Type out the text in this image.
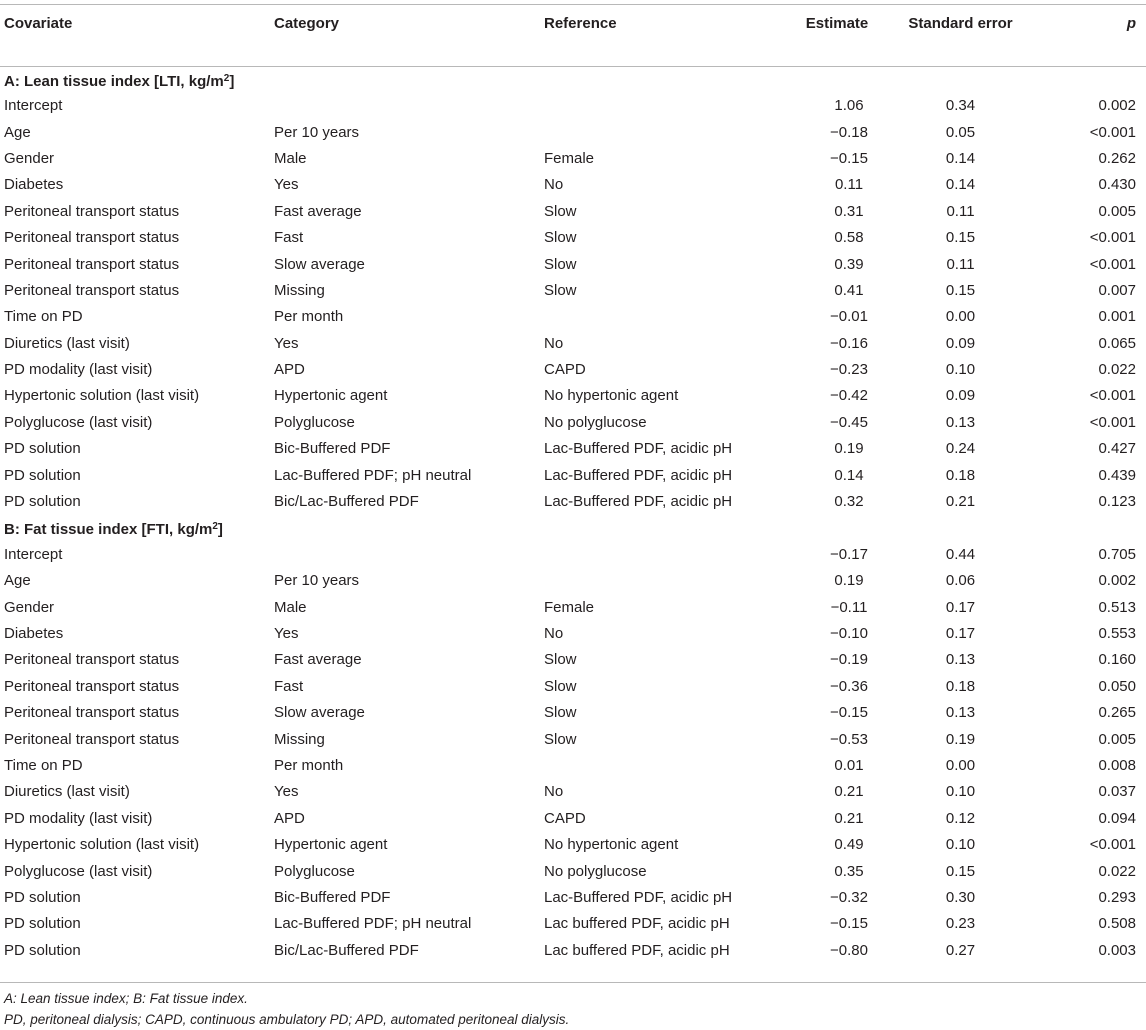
Covariate	Category	Reference	Estimate	Standard error	p
A: Lean tissue index [LTI, $kg/m^2$]					
Intercept			1.06	0.34	0.002
Age	Per 10 years		−0.18	0.05	<0.001
Gender	Male	Female	−0.15	0.14	0.262
Diabetes	Yes	No	0.11	0.14	0.430
Peritoneal transport status	Fast average	Slow	0.31	0.11	0.005
Peritoneal transport status	Fast	Slow	0.58	0.15	<0.001
Peritoneal transport status	Slow average	Slow	0.39	0.11	<0.001
Peritoneal transport status	Missing	Slow	0.41	0.15	0.007
Time on PD	Per month		−0.01	0.00	0.001
Diuretics (last visit)	Yes	No	−0.16	0.09	0.065
PD modality (last visit)	APD	CAPD	−0.23	0.10	0.022
Hypertonic solution (last visit)	Hypertonic agent	No hypertonic agent	−0.42	0.09	<0.001
Polyglucose (last visit)	Polyglucose	No polyglucose	−0.45	0.13	<0.001
PD solution	Bic-Buffered PDF	Lac-Buffered PDF, acidic pH	0.19	0.24	0.427
PD solution	Lac-Buffered PDF; pH neutral	Lac-Buffered PDF, acidic pH	0.14	0.18	0.439
PD solution	Bic/Lac-Buffered PDF	Lac-Buffered PDF, acidic pH	0.32	0.21	0.123
B: Fat tissue index [FTI, $kg/m^2$]					
Intercept			−0.17	0.44	0.705
Age	Per 10 years		0.19	0.06	0.002
Gender	Male	Female	−0.11	0.17	0.513
Diabetes	Yes	No	−0.10	0.17	0.553
Peritoneal transport status	Fast average	Slow	−0.19	0.13	0.160
Peritoneal transport status	Fast	Slow	−0.36	0.18	0.050
Peritoneal transport status	Slow average	Slow	−0.15	0.13	0.265
Peritoneal transport status	Missing	Slow	−0.53	0.19	0.005
Time on PD	Per month		0.01	0.00	0.008
Diuretics (last visit)	Yes	No	0.21	0.10	0.037
PD modality (last visit)	APD	CAPD	0.21	0.12	0.094
Hypertonic solution (last visit)	Hypertonic agent	No hypertonic agent	0.49	0.10	<0.001
Polyglucose (last visit)	Polyglucose	No polyglucose	0.35	0.15	0.022
PD solution	Bic-Buffered PDF	Lac-Buffered PDF, acidic pH	−0.32	0.30	0.293
PD solution	Lac-Buffered PDF; pH neutral	Lac buffered PDF, acidic pH	−0.15	0.23	0.508
PD solution	Bic/Lac-Buffered PDF	Lac buffered PDF, acidic pH	−0.80	0.27	0.003
A: Lean tissue index; B: Fat tissue index.
PD, peritoneal dialysis; CAPD, continuous ambulatory PD; APD, automated peritoneal dialysis.
